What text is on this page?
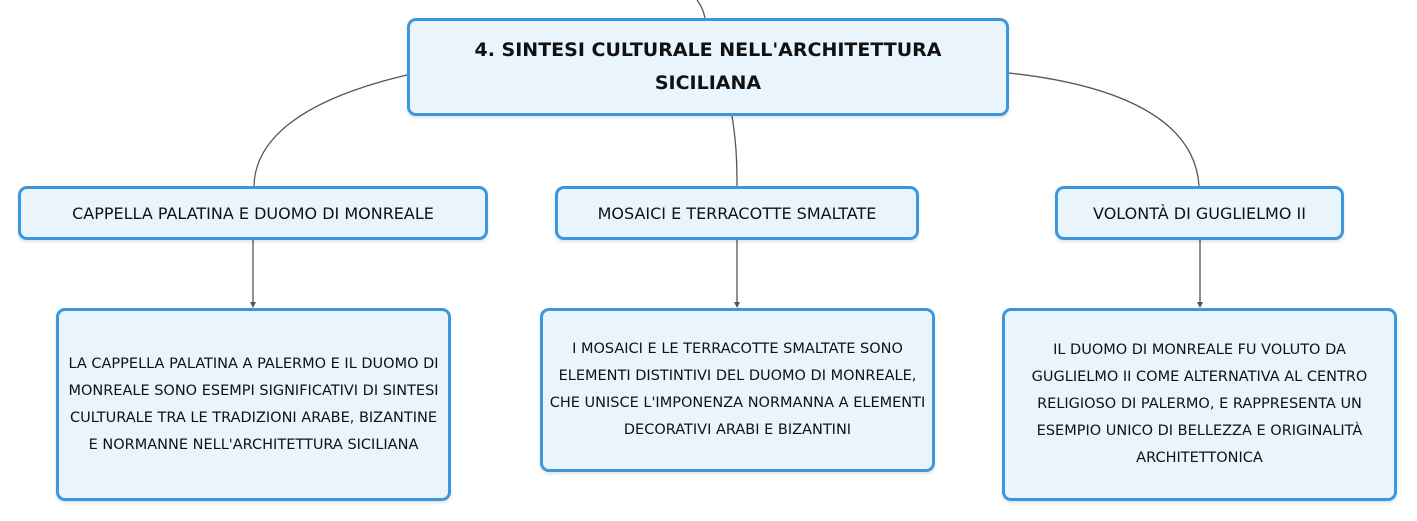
4. SINTESI CULTURALE NELL'ARCHITETTURA SICILIANA
CAPPELLA PALATINA E DUOMO DI MONREALE	MOSAICI E TERRACOTTE SMALTATE	VOLONTÀ DI GUGLIELMO II
LA CAPPELLA PALATINA A PALERMO E IL DUOMO DI MONREALE SONO ESEMPI SIGNIFICATIVI DI SINTESI CULTURALE TRA LE TRADIZIONI ARABE, BIZANTINE E NORMANNE NELL'ARCHITETTURA SICILIANA
I MOSAICI E LE TERRACOTTE SMALTATE SONO ELEMENTI DISTINTIVI DEL DUOMO DI MONREALE, CHE UNISCE L'IMPONENZA NORMANNA A ELEMENTI DECORATIVI ARABI E BIZANTINI
IL DUOMO DI MONREALE FU VOLUTO DA GUGLIELMO II COME ALTERNATIVA AL CENTRO RELIGIOSO DI PALERMO, E RAPPRESENTA UN ESEMPIO UNICO DI BELLEZZA E ORIGINALITÀ ARCHITETTONICA
